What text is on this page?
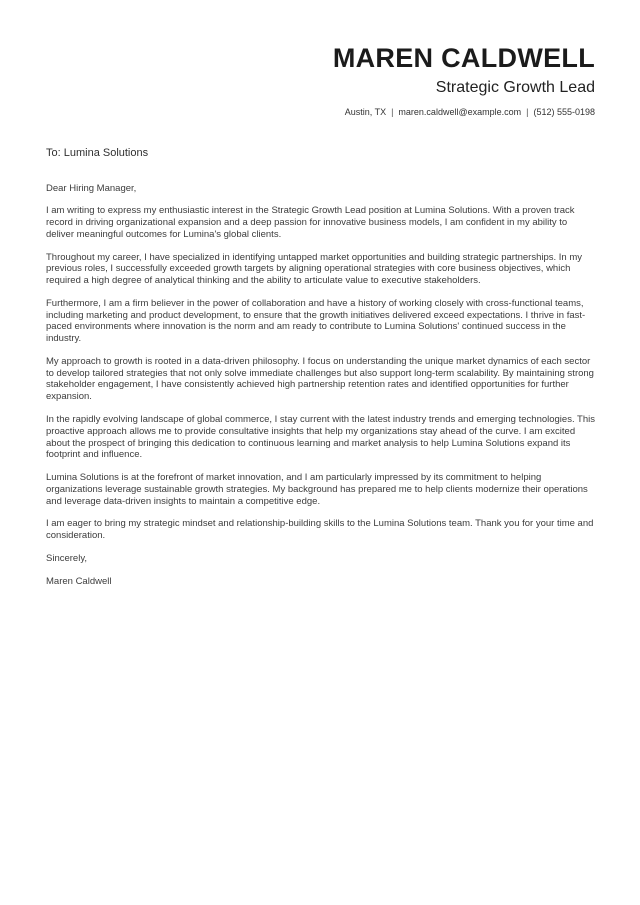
MAREN CALDWELL
Strategic Growth Lead
Austin, TX | maren.caldwell@example.com | (512) 555-0198
To: Lumina Solutions
Dear Hiring Manager,

I am writing to express my enthusiastic interest in the Strategic Growth Lead position at Lumina Solutions. With a proven track record in driving organizational expansion and a deep passion for innovative business models, I am confident in my ability to deliver meaningful outcomes for Lumina's global clients.

Throughout my career, I have specialized in identifying untapped market opportunities and building strategic partnerships. In my previous roles, I successfully exceeded growth targets by aligning operational strategies with core business objectives, which required a high degree of analytical thinking and the ability to articulate value to executive stakeholders.

Furthermore, I am a firm believer in the power of collaboration and have a history of working closely with cross-functional teams, including marketing and product development, to ensure that the growth initiatives delivered exceed expectations. I thrive in fast-paced environments where innovation is the norm and am ready to contribute to Lumina Solutions' continued success in the industry.

My approach to growth is rooted in a data-driven philosophy. I focus on understanding the unique market dynamics of each sector to develop tailored strategies that not only solve immediate challenges but also support long-term scalability. By maintaining strong stakeholder engagement, I have consistently achieved high partnership retention rates and identified opportunities for further expansion.

In the rapidly evolving landscape of global commerce, I stay current with the latest industry trends and emerging technologies. This proactive approach allows me to provide consultative insights that help my organizations stay ahead of the curve. I am excited about the prospect of bringing this dedication to continuous learning and market analysis to help Lumina Solutions expand its footprint and influence.

Lumina Solutions is at the forefront of market innovation, and I am particularly impressed by its commitment to helping organizations leverage sustainable growth strategies. My background has prepared me to help clients modernize their operations and leverage data-driven insights to maintain a competitive edge.

I am eager to bring my strategic mindset and relationship-building skills to the Lumina Solutions team. Thank you for your time and consideration.

Sincerely,
Maren Caldwell
